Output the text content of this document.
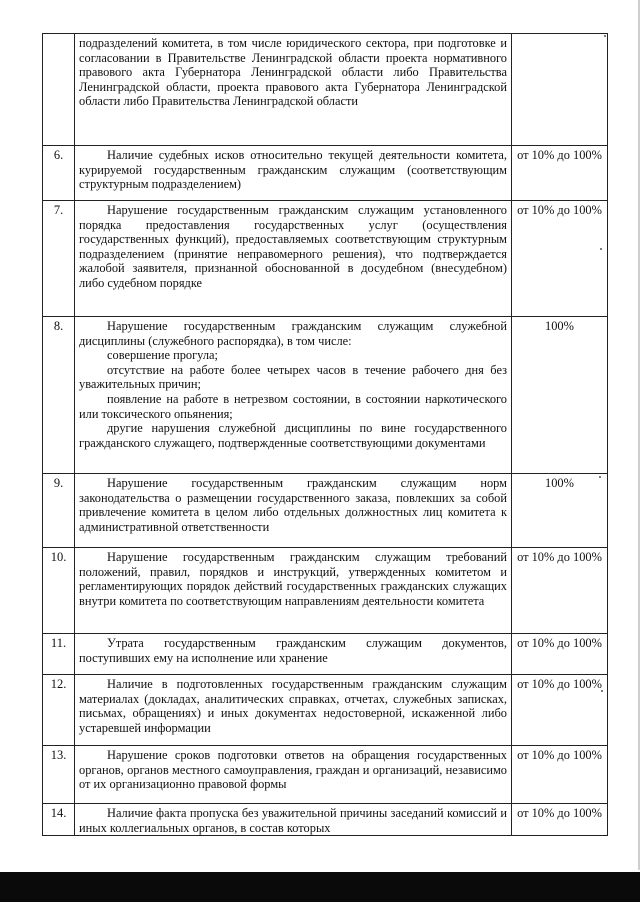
	подразделений комитета, в том числе юридического сектора, при подготовке и согласовании в Правительстве Ленинградской области проекта нормативного правового акта Губернатора Ленинградской области либо Правительства Ленинградской области, проекта правового акта Губернатора Ленинградской области либо Правительства Ленинградской области	

6.	Наличие судебных исков относительно текущей деятельности комитета, курируемой государственным гражданским служащим (соответствующим структурным подразделением)	от 10% до 100%
7.	Нарушение государственным гражданским служащим установленного порядка предоставления государственных услуг (осуществления государственных функций), предоставляемых соответствующим структурным подразделением (принятие неправомерного решения), что подтверждается жалобой заявителя, признанной обоснованной в досудебном (внесудебном) либо судебном порядке	от 10% до 100%
8.	Нарушение государственным гражданским служащим служебной дисциплины (служебного распорядка), в том числе:

совершение прогула;

отсутствие на работе более четырех часов в течение рабочего дня без уважительных причин;

появление на работе в нетрезвом состоянии, в состоянии наркотического или токсического опьянения;

другие нарушения служебной дисциплины по вине государственного гражданского служащего, подтвержденные соответствующими документами	100%
9.	Нарушение государственным гражданским служащим норм законодательства о размещении государственного заказа, повлекших за собой привлечение комитета в целом либо отдельных должностных лиц комитета к административной ответственности	100%
10.	Нарушение государственным гражданским служащим требований положений, правил, порядков и инструкций, утвержденных комитетом и регламентирующих порядок действий государственных гражданских служащих внутри комитета по соответствующим направлениям деятельности комитета	от 10% до 100%
11.	Утрата государственным гражданским служащим документов, поступивших ему на исполнение или хранение	от 10% до 100%
12.	Наличие в подготовленных государственным гражданским служащим материалах (докладах, аналитических справках, отчетах, служебных записках, письмах, обращениях) и иных документах недостоверной, искаженной либо устаревшей информации	от 10% до 100%
13.	Нарушение сроков подготовки ответов на обращения государственных органов, органов местного самоуправления, граждан и организаций, независимо от их организационно правовой формы	от 10% до 100%
14.	Наличие факта пропуска без уважительной причины заседаний комиссий и иных коллегиальных органов, в состав которых	от 10% до 100%
